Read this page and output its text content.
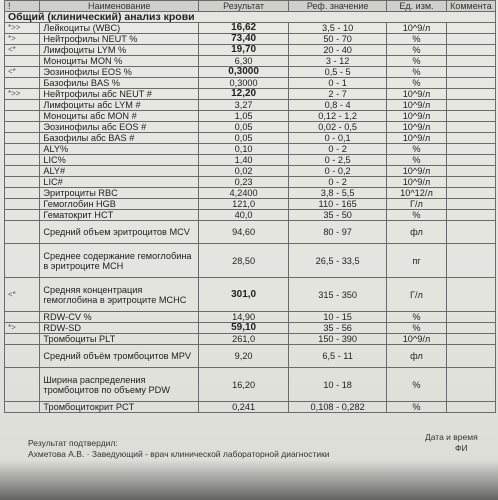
!	Наименование	Результат	Реф. значение	Ед. изм.	Коммента
Общий (клинический) анализ крови					
*>>	Лейкоциты (WBC)	16,62	3,5 - 10	10^9/л	
*>	Нейтрофилы NEUT %	73,40	50 - 70	%	
<*	Лимфоциты LYM %	19,70	20 - 40	%	
	Моноциты MON %	6,30	3 - 12	%	
<*	Эозинофилы EOS %	0,3000	0,5 - 5	%	
	Базофилы BAS %	0,3000	0 - 1	%	
*>>	Нейтрофилы абс NEUT #	12,20	2 - 7	10^9/л	
	Лимфоциты абс LYM #	3,27	0,8 - 4	10^9/л	
	Моноциты абс MON #	1,05	0,12 - 1,2	10^9/л	
	Эозинофилы абс EOS #	0,05	0,02 - 0,5	10^9/л	
	Базофилы абс BAS #	0,05	0 - 0,1	10^9/л	
	ALY%	0,10	0 - 2	%	
	LIC%	1,40	0 - 2,5	%	
	ALY#	0,02	0 - 0,2	10^9/л	
	LIC#	0,23	0 - 2	10^9/л	
	Эритроциты RBC	4,2400	3,8 - 5,5	10^12/л	
	Гемоглобин HGB	121,0	110 - 165	Г/л	
	Гематокрит HCT	40,0	35 - 50	%	
	Средний объем эритроцитов MCV	94,60	80 - 97	фл	
	Среднее содержание гемоглобина в эритроците MCH	28,50	26,5 - 33,5	пг	
<*	Средняя концентрация гемоглобина в эритроците MCHC	301,0	315 - 350	Г/л	
	RDW-CV %	14,90	10 - 15	%	
*>	RDW-SD	59,10	35 - 56	%	
	Тромбоциты PLT	261,0	150 - 390	10^9/л	
	Средний объём тромбоцитов MPV	9,20	6,5 - 11	фл	
	Ширина распределения тромбоцитов по объему PDW	16,20	10 - 18	%	
	Тромбоцитокрит PCT	0,241	0,108 - 0,282	%	
Результат подтвердил:
Ахметова А.В. · Заведующий - врач клинической лабораторной диагностики
Дата и время
ФИ
